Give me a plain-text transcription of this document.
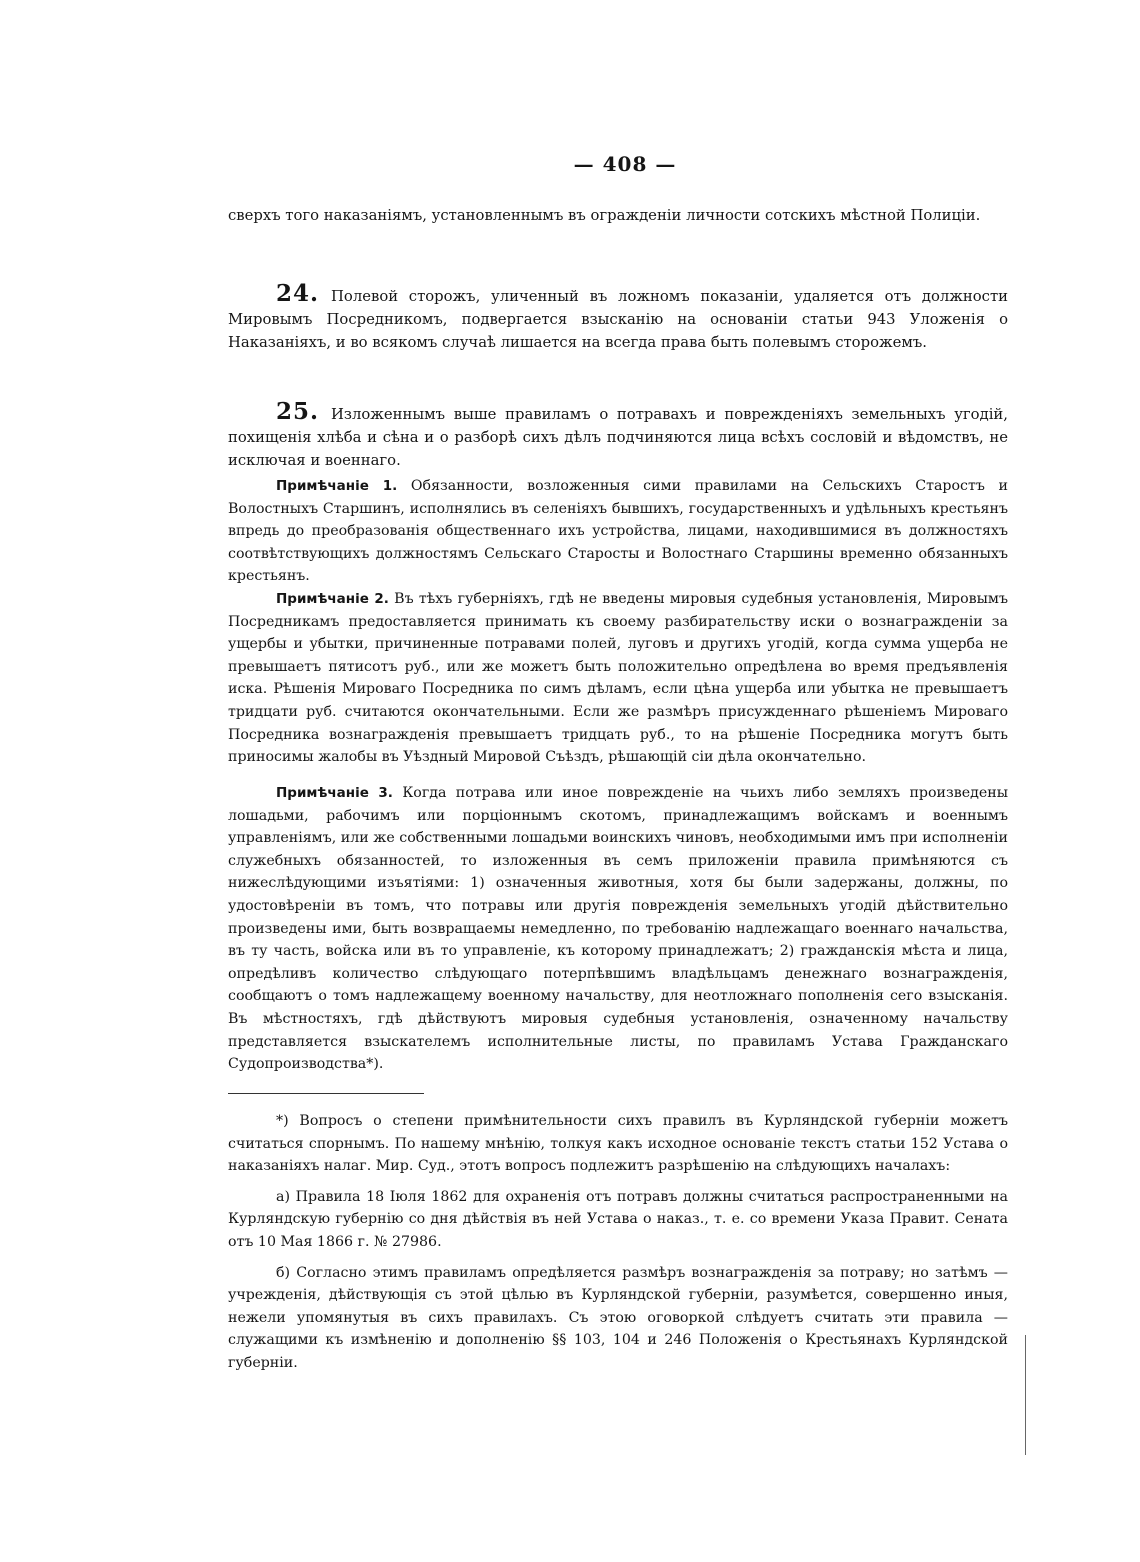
— 408 —

сверхъ того наказаніямъ, установленнымъ въ огражденіи личности сотскихъ мѣстной Полиціи.

24. Полевой сторожъ, уличенный въ ложномъ показаніи, удаляется отъ должности Мировымъ Посредникомъ, подвергается взысканію на основаніи статьи 943 Уложенія о Наказаніяхъ, и во всякомъ случаѣ лишается на всегда права быть полевымъ сторожемъ.

25. Изложеннымъ выше правиламъ о потравахъ и поврежденіяхъ земельныхъ угодій, похищенія хлѣба и сѣна и о разборѣ сихъ дѣлъ подчиняются лица всѣхъ сословій и вѣдомствъ, не исключая и военнаго.

Примѣчаніе 1. Обязанности, возложенныя сими правилами на Сельскихъ Старостъ и Волостныхъ Старшинъ, исполнялись въ селеніяхъ бывшихъ, государственныхъ и удѣльныхъ крестьянъ впредь до преобразованія общественнаго ихъ устройства, лицами, находившимися въ должностяхъ соотвѣтствующихъ должностямъ Сельскаго Старосты и Волостнаго Старшины временно обязанныхъ крестьянъ.

Примѣчаніе 2. Въ тѣхъ губерніяхъ, гдѣ не введены мировыя судебныя установленія, Мировымъ Посредникамъ предоставляется принимать къ своему разбирательству иски о вознагражденіи за ущербы и убытки, причиненные потравами полей, луговъ и другихъ угодій, когда сумма ущерба не превышаетъ пятисотъ руб., или же можетъ быть положительно опредѣлена во время предъявленія иска. Рѣшенія Мироваго Посредника по симъ дѣламъ, если цѣна ущерба или убытка не превышаетъ тридцати руб. считаются окончательными. Если же размѣръ присужденнаго рѣшеніемъ Мироваго Посредника вознагражденія превышаетъ тридцать руб., то на рѣшеніе Посредника могутъ быть приносимы жалобы въ Уѣздный Мировой Съѣздъ, рѣшающій сіи дѣла окончательно.

Примѣчаніе 3. Когда потрава или иное поврежденіе на чьихъ либо земляхъ произведены лошадьми, рабочимъ или порціоннымъ скотомъ, принадлежащимъ войскамъ и военнымъ управленіямъ, или же собственными лошадьми воинскихъ чиновъ, необходимыми имъ при исполненіи служебныхъ обязанностей, то изложенныя въ семъ приложеніи правила примѣняются съ нижеслѣдующими изъятіями: 1) означенныя животныя, хотя бы были задержаны, должны, по удостовѣреніи въ томъ, что потравы или другія поврежденія земельныхъ угодій дѣйствительно произведены ими, быть возвращаемы немедленно, по требованію надлежащаго военнаго начальства, въ ту часть, войска или въ то управленіе, къ которому принадлежатъ; 2) гражданскія мѣста и лица, опредѣливъ количество слѣдующаго потерпѣвшимъ владѣльцамъ денежнаго вознагражденія, сообщаютъ о томъ надлежащему военному начальству, для неотложнаго пополненія сего взысканія. Въ мѣстностяхъ, гдѣ дѣйствуютъ мировыя судебныя установленія, означенному начальству представляется взыскателемъ исполнительные листы, по правиламъ Устава Гражданскаго Судопроизводства*).

*) Вопросъ о степени примѣнительности сихъ правилъ въ Курляндской губерніи можетъ считаться спорнымъ. По нашему мнѣнію, толкуя какъ исходное основаніе текстъ статьи 152 Устава о наказаніяхъ налаг. Мир. Суд., этотъ вопросъ подлежитъ разрѣшенію на слѣдующихъ началахъ:

а) Правила 18 Іюля 1862 для охраненія отъ потравъ должны считаться распространенными на Курляндскую губернію со дня дѣйствія въ ней Устава о наказ., т. е. со времени Указа Правит. Сената отъ 10 Мая 1866 г. № 27986.

б) Согласно этимъ правиламъ опредѣляется размѣръ вознагражденія за потраву; но затѣмъ — учрежденія, дѣйствующія съ этой цѣлью въ Курляндской губерніи, разумѣется, совершенно иныя, нежели упомянутыя въ сихъ правилахъ. Съ этою оговоркой слѣдуетъ считать эти правила — служащими къ измѣненію и дополненію §§ 103, 104 и 246 Положенія о Крестьянахъ Курляндской губерніи.
